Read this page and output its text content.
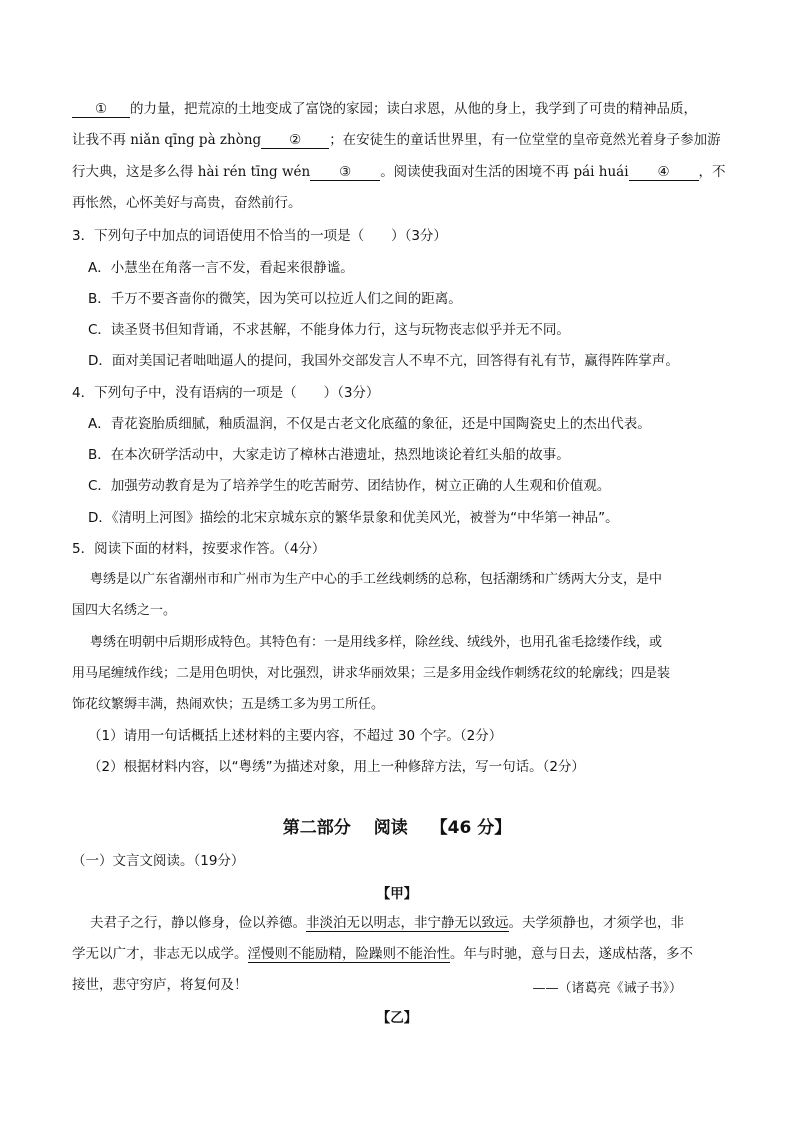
① 的力量，把荒凉的土地变成了富饶的家园；读白求恩，从他的身上，我学到了可贵的精神品质，
让我不再 niǎn qīng pà zhòng ② ；在安徒生的童话世界里，有一位堂堂的皇帝竟然光着身子参加游
行大典，这是多么得 hài rén tīng wén ③ 。阅读使我面对生活的困境不再 pái huái ④ ，不
再怅然，心怀美好与高贵，奋然前行。
3．下列句子中加点的词语使用不恰当的一项是（　　）（3分）
A．小慧坐在角落一言不发，看起来很静谧。
B．千万不要吝啬你的微笑，因为笑可以拉近人们之间的距离。
C．读圣贤书但知背诵，不求甚解，不能身体力行，这与玩物丧志似乎并无不同。
D．面对美国记者咄咄逼人的提问，我国外交部发言人不卑不亢，回答得有礼有节，赢得阵阵掌声。
4．下列句子中，没有语病的一项是（　　）（3分）
A．青花瓷胎质细腻，釉质温润，不仅是古老文化底蕴的象征，还是中国陶瓷史上的杰出代表。
B．在本次研学活动中，大家走访了樟林古港遗址，热烈地谈论着红头船的故事。
C．加强劳动教育是为了培养学生的吃苦耐劳、团结协作，树立正确的人生观和价值观。
D．《清明上河图》描绘的北宋京城东京的繁华景象和优美风光，被誉为“中华第一神品”。
5．阅读下面的材料，按要求作答。（4分）
粤绣是以广东省潮州市和广州市为生产中心的手工丝线刺绣的总称，包括潮绣和广绣两大分支，是中
国四大名绣之一。
粤绣在明朝中后期形成特色。其特色有：一是用线多样，除丝线、绒线外，也用孔雀毛捻缕作线，或
用马尾缠绒作线；二是用色明快，对比强烈，讲求华丽效果；三是多用金线作刺绣花纹的轮廓线；四是装
饰花纹繁缛丰满，热闹欢快；五是绣工多为男工所任。
（1）请用一句话概括上述材料的主要内容，不超过 30 个字。（2分）
（2）根据材料内容，以“粤绣”为描述对象，用上一种修辞方法，写一句话。（2分）
第二部分　 阅读　 【46 分】
（一）文言文阅读。（19分）
【甲】
夫君子之行，静以修身，俭以养德。非淡泊无以明志，非宁静无以致远。夫学须静也，才须学也，非
学无以广才，非志无以成学。淫慢则不能励精，险躁则不能治性。年与时驰，意与日去，遂成枯落，多不
接世，悲守穷庐，将复何及！	——（诸葛亮《诫子书》）
【乙】
